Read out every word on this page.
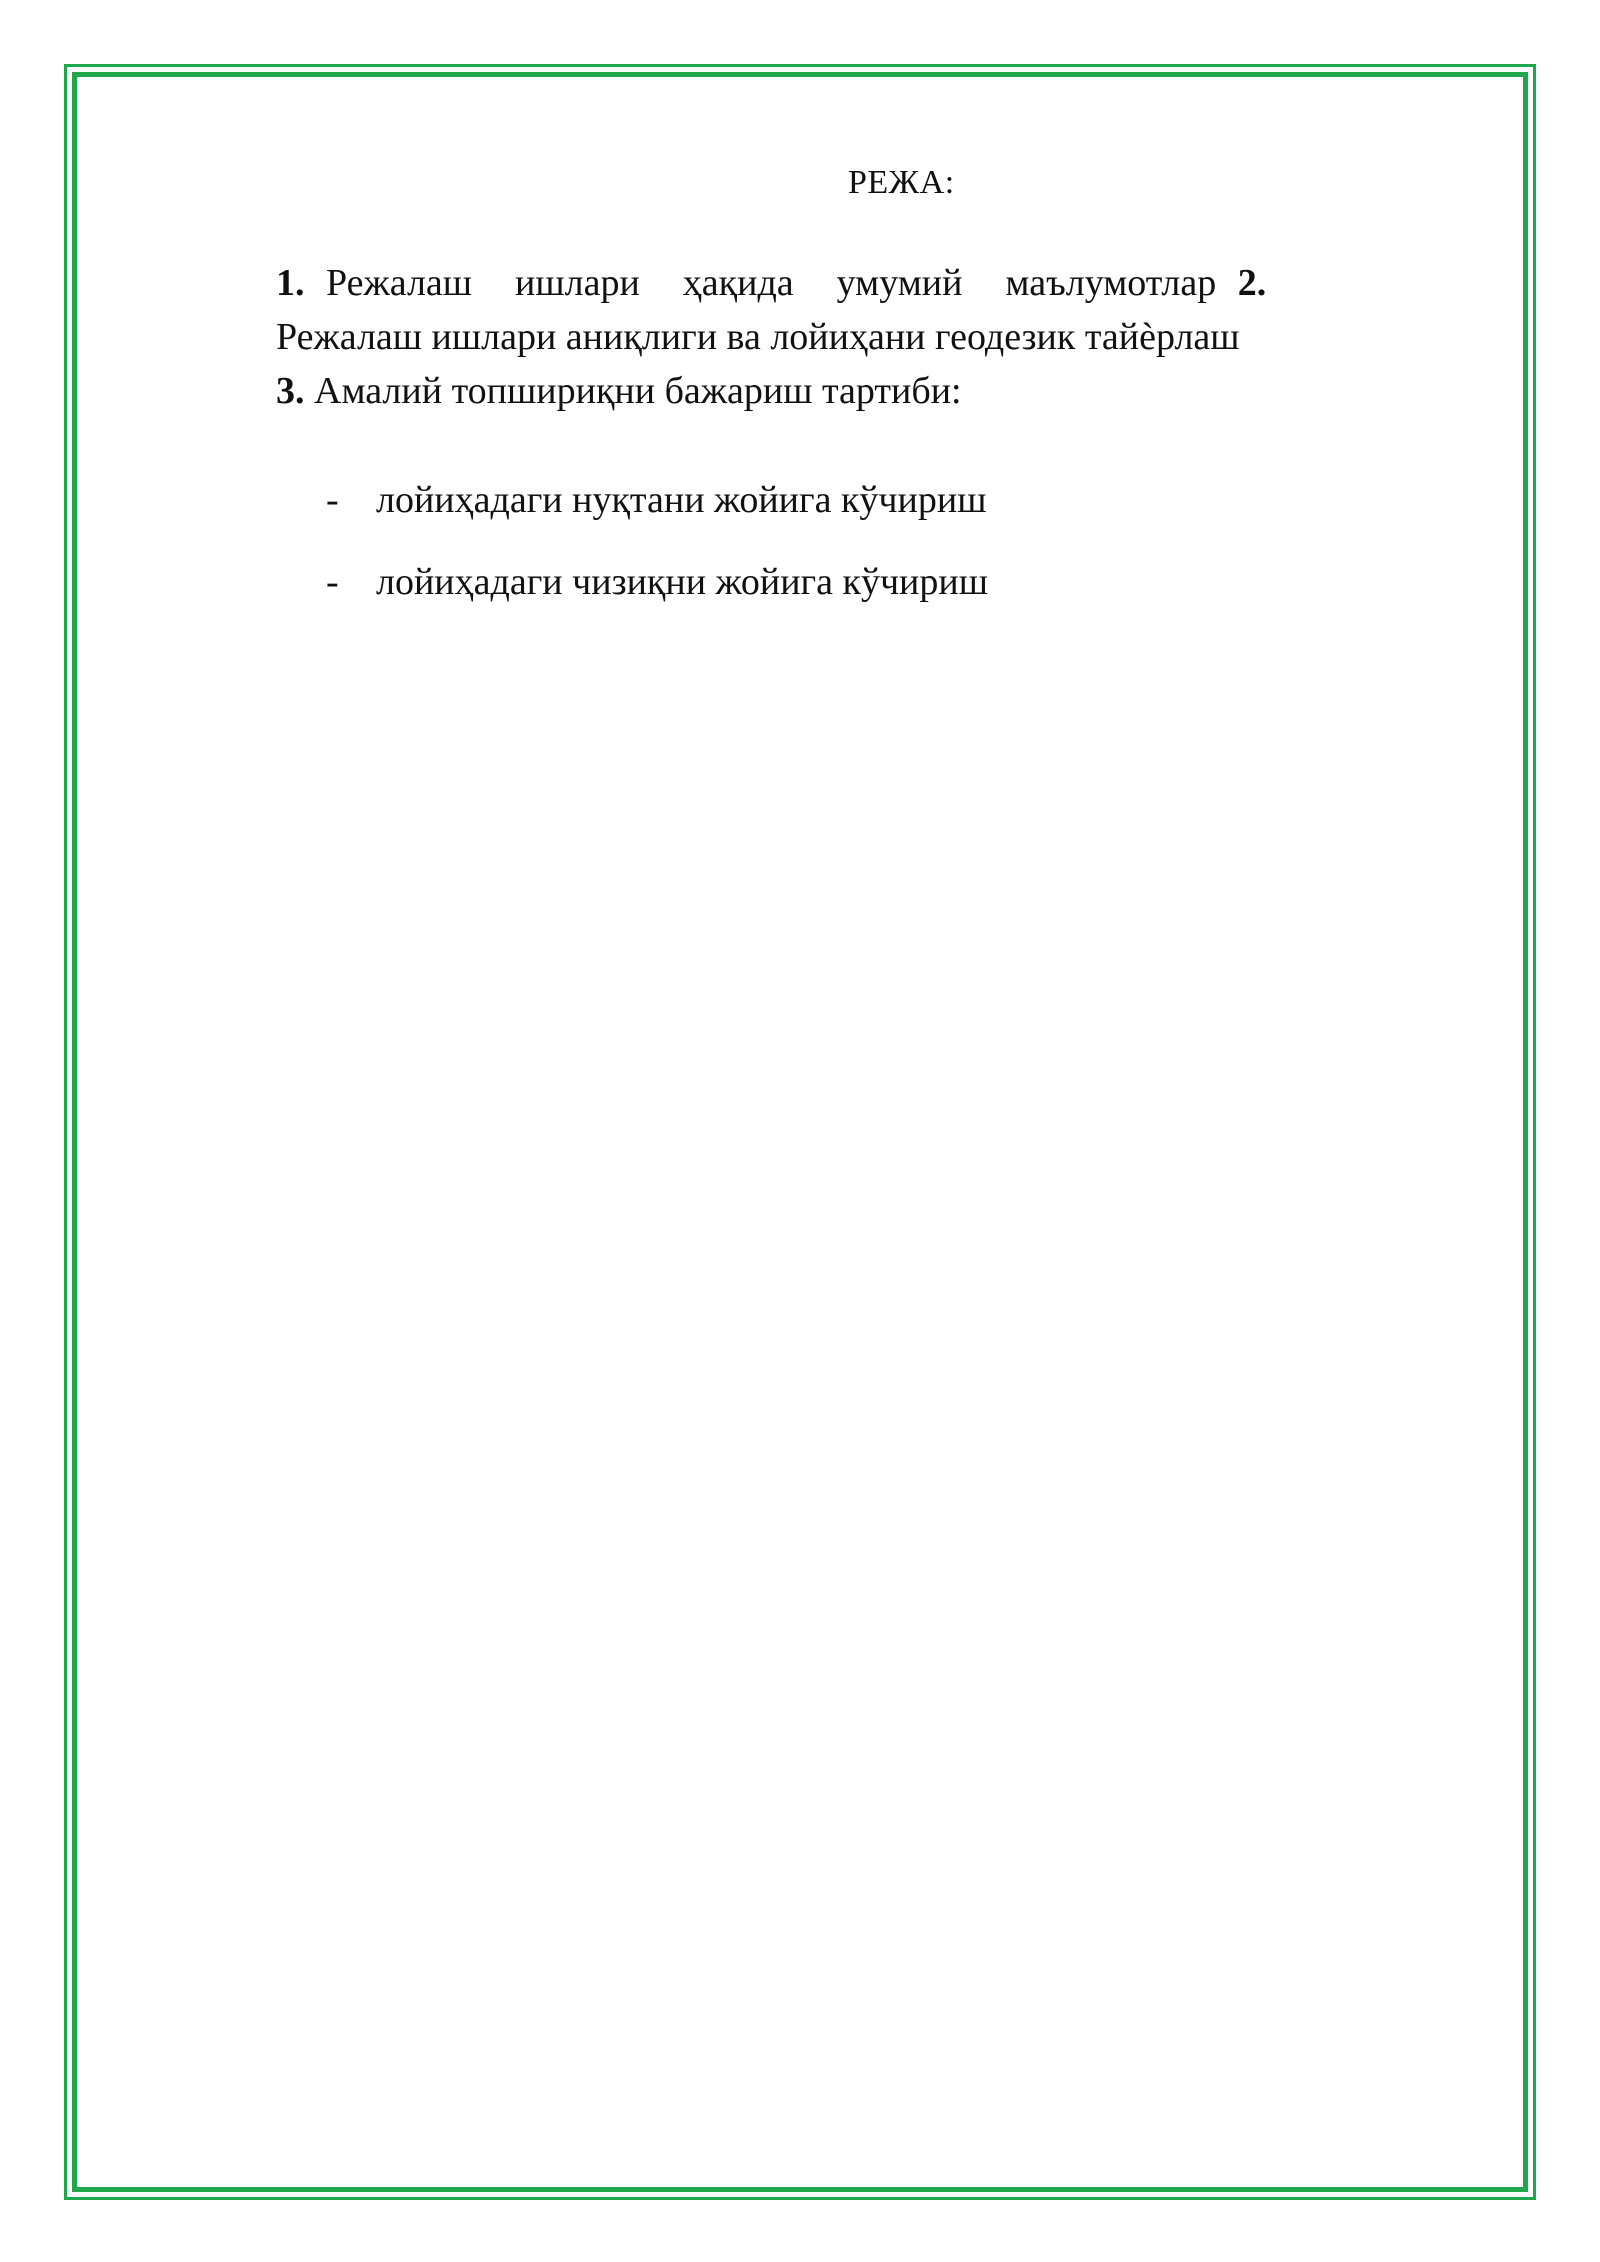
РЕЖА:
1. Режалаш  ишлари  ҳақида  умумий  маълумотлар 2.
Режалаш ишлари аниқлиги ва лойиҳани геодезик тайѐрлаш
3. Амалий топшириқни бажариш тартиби:
- лойиҳадаги нуқтани жойига кўчириш
- лойиҳадаги чизиқни жойига кўчириш
